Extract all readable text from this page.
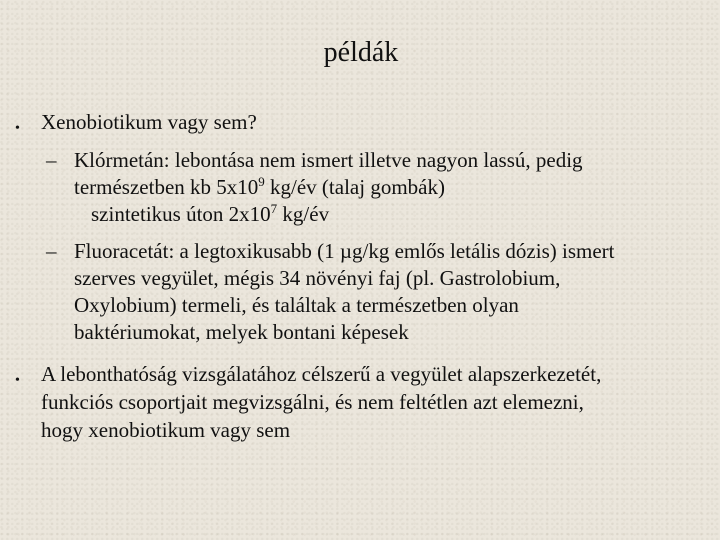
példák
• Xenobiotikum vagy sem?
– Klórmetán: lebontása nem ismert illetve nagyon lassú, pedig
természetben kb $5x10^9$ kg/év (talaj gombák)
szintetikus úton $2x10^7$ kg/év
– Fluoracetát: a legtoxikusabb (1 µg/kg emlős letális dózis) ismert
szerves vegyület, mégis 34 növényi faj (pl. Gastrolobium,
Oxylobium) termeli, és találtak a természetben olyan
baktériumokat, melyek bontani képesek
• A lebonthatóság vizsgálatához célszerű a vegyület alapszerkezetét,
funkciós csoportjait megvizsgálni, és nem feltétlen azt elemezni,
hogy xenobiotikum vagy sem
